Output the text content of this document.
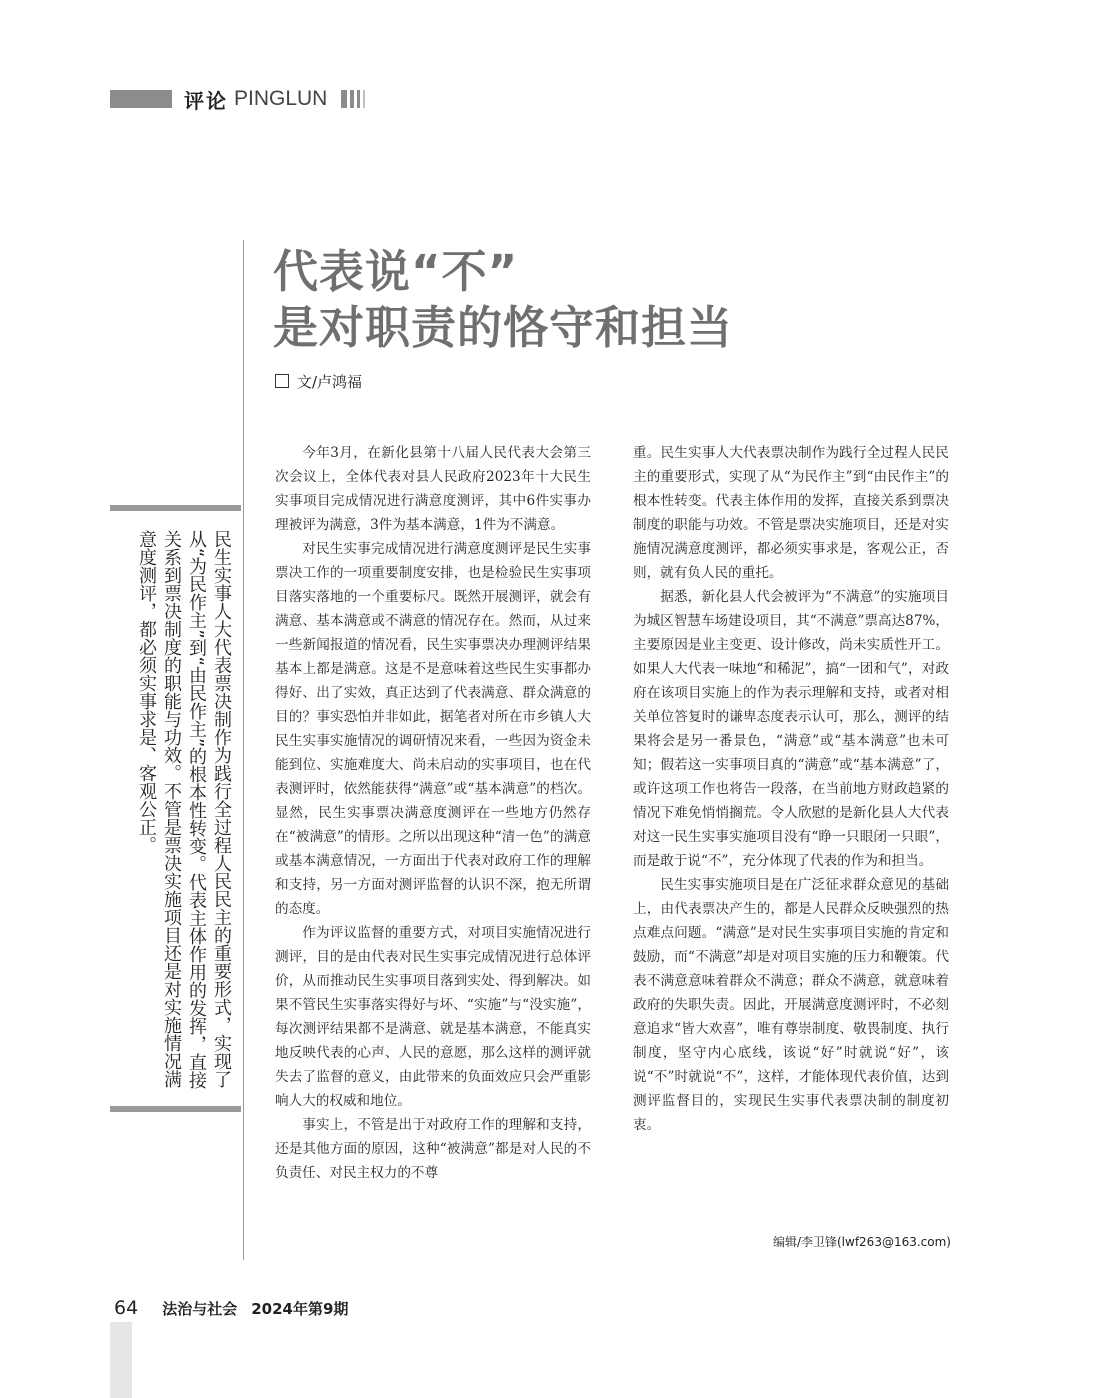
评论 PINGLUN
代表说“不”
是对职责的恪守和担当
文/卢鸿福

今年3月，在新化县第十八届人民代表大会第三次会议上，全体代表对县人民政府2023年十大民生实事项目完成情况进行满意度测评，其中6件实事办理被评为满意，3件为基本满意，1件为不满意。

对民生实事完成情况进行满意度测评是民生实事票决工作的一项重要制度安排，也是检验民生实事项目落实落地的一个重要标尺。既然开展测评，就会有满意、基本满意或不满意的情况存在。然而，从过来一些新闻报道的情况看，民生实事票决办理测评结果基本上都是满意。这是不是意味着这些民生实事都办得好、出了实效，真正达到了代表满意、群众满意的目的？事实恐怕并非如此，据笔者对所在市乡镇人大民生实事实施情况的调研情况来看，一些因为资金未能到位、实施难度大、尚未启动的实事项目，也在代表测评时，依然能获得“满意”或“基本满意”的档次。显然，民生实事票决满意度测评在一些地方仍然存在“被满意”的情形。之所以出现这种“清一色”的满意或基本满意情况，一方面出于代表对政府工作的理解和支持，另一方面对测评监督的认识不深，抱无所谓的态度。

作为评议监督的重要方式，对项目实施情况进行测评，目的是由代表对民生实事完成情况进行总体评价，从而推动民生实事项目落到实处、得到解决。如果不管民生实事落实得好与坏、“实施”与“没实施”，每次测评结果都不是满意、就是基本满意，不能真实地反映代表的心声、人民的意愿，那么这样的测评就失去了监督的意义，由此带来的负面效应只会严重影响人大的权威和地位。

事实上，不管是出于对政府工作的理解和支持，还是其他方面的原因，这种“被满意”都是对人民的不负责任、对民主权力的不尊

重。民生实事人大代表票决制作为践行全过程人民民主的重要形式，实现了从“为民作主”到“由民作主”的根本性转变。代表主体作用的发挥，直接关系到票决制度的职能与功效。不管是票决实施项目，还是对实施情况满意度测评，都必须实事求是，客观公正，否则，就有负人民的重托。

据悉，新化县人代会被评为“不满意”的实施项目为城区智慧车场建设项目，其“不满意”票高达87%，主要原因是业主变更、设计修改，尚未实质性开工。如果人大代表一味地“和稀泥”，搞“一团和气”，对政府在该项目实施上的作为表示理解和支持，或者对相关单位答复时的谦卑态度表示认可，那么，测评的结果将会是另一番景色，“满意”或“基本满意”也未可知；假若这一实事项目真的“满意”或“基本满意”了，或许这项工作也将告一段落，在当前地方财政趋紧的情况下难免悄悄搁荒。令人欣慰的是新化县人大代表对这一民生实事实施项目没有“睁一只眼闭一只眼”，而是敢于说“不”，充分体现了代表的作为和担当。

民生实事实施项目是在广泛征求群众意见的基础上，由代表票决产生的，都是人民群众反映强烈的热点难点问题。“满意”是对民生实事项目实施的肯定和鼓励，而“不满意”却是对项目实施的压力和鞭策。代表不满意意味着群众不满意；群众不满意，就意味着政府的失职失责。因此，开展满意度测评时，不必刻意追求“皆大欢喜”，唯有尊崇制度、敬畏制度、执行制度，坚守内心底线，该说“好”时就说“好”，该说“不”时就说“不”，这样，才能体现代表价值，达到测评监督目的，实现民生实事代表票决制的制度初衷。

编辑/李卫锋(lwf263@163.com)
民生实事人大代表票决制作为践行全过程人民民主的重要形式，实现了从“为民作主”到“由民作主”的根本性转变。代表主体作用的发挥，直接关系到票决制度的职能与功效。不管是票决实施项目还是对实施情况满意度测评，都必须实事求是、客观公正。
64 法治与社会 2024年第9期
